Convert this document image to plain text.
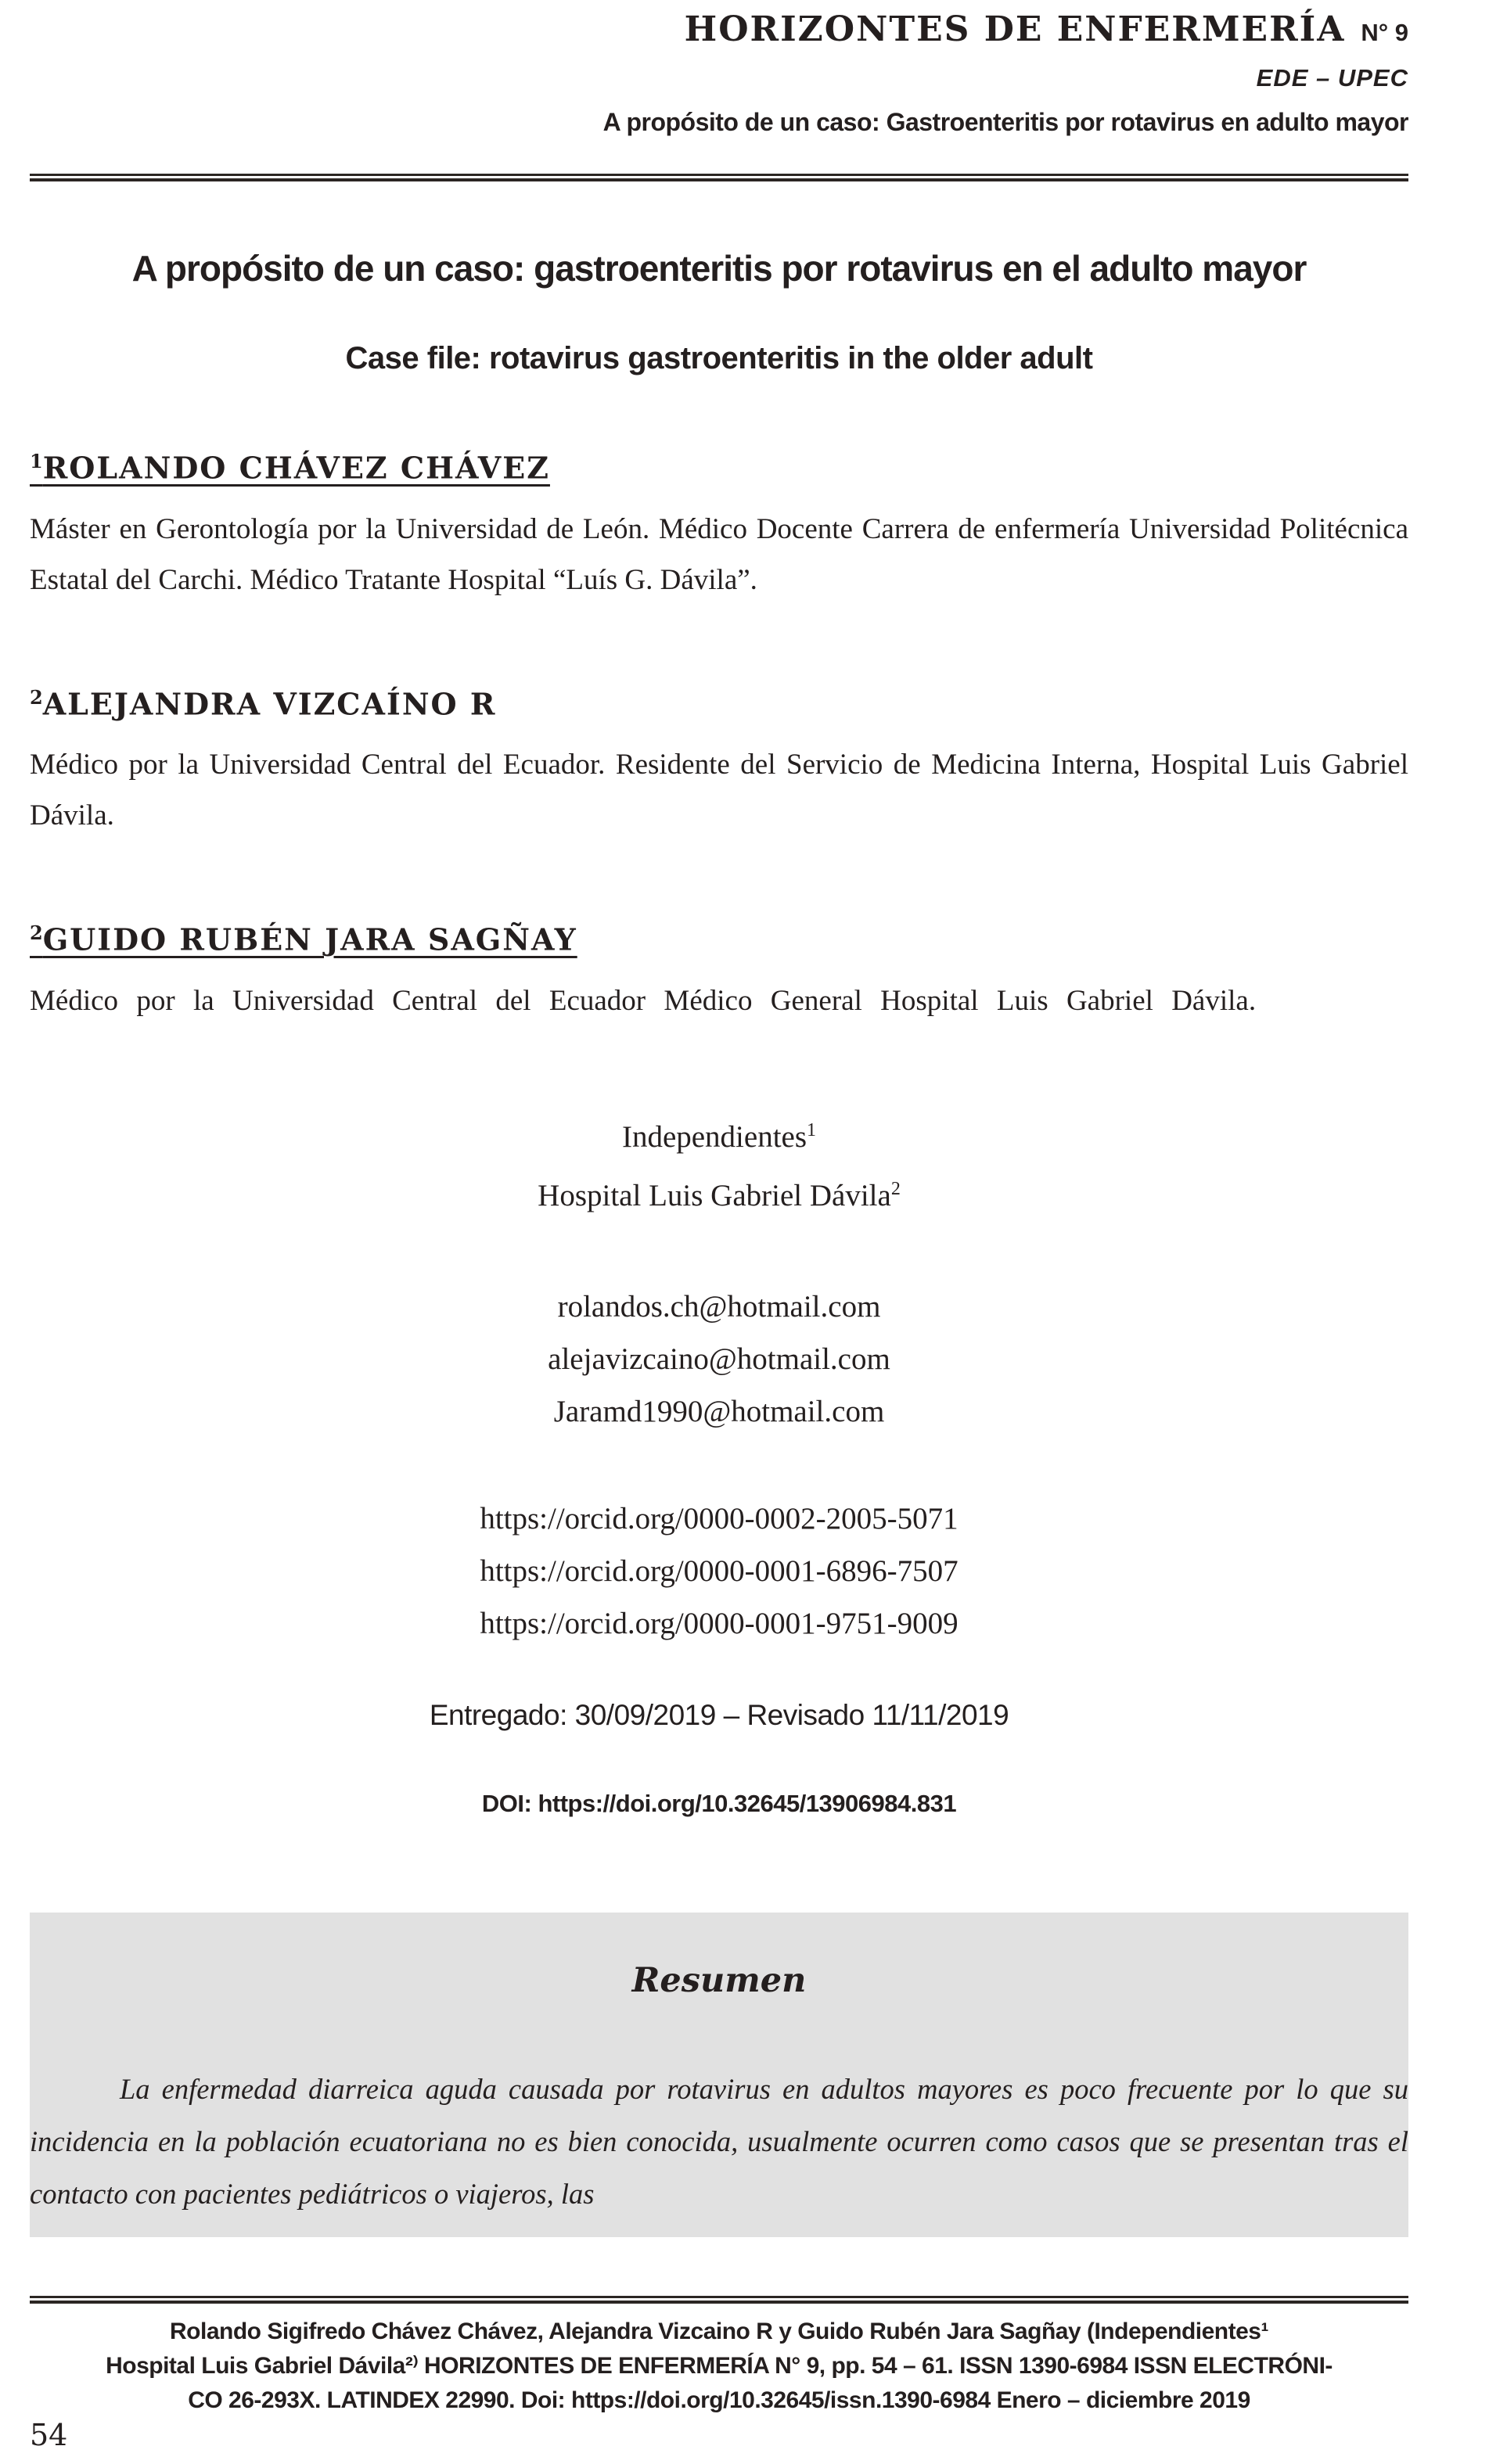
HORIZONTES DE ENFERMERÍA N° 9
EDE – UPEC
A propósito de un caso: Gastroenteritis por rotavirus en adulto mayor
A propósito de un caso: gastroenteritis por rotavirus en el adulto mayor
Case file: rotavirus gastroenteritis in the older adult
$^1$ROLANDO CHÁVEZ CHÁVEZ
Máster en Gerontología por la Universidad de León. Médico Docente Carrera de enfermería Universidad Politécnica Estatal del Carchi. Médico Tratante Hospital “Luís G. Dávila”.
$^2$ALEJANDRA VIZCAÍNO R
Médico por la Universidad Central del Ecuador. Residente del Servicio de Medicina Interna, Hospital Luis Gabriel Dávila.
$^2$GUIDO RUBÉN JARA SAGÑAY
Médico por la Universidad Central del Ecuador Médico General Hospital Luis Gabriel Dávila.
Independientes$^1$
Hospital Luis Gabriel Dávila$^2$
rolandos.ch@hotmail.com
alejavizcaino@hotmail.com
Jaramd1990@hotmail.com
https://orcid.org/0000-0002-2005-5071
https://orcid.org/0000-0001-6896-7507
https://orcid.org/0000-0001-9751-9009
Entregado: 30/09/2019 – Revisado 11/11/2019
DOI: https://doi.org/10.32645/13906984.831
Resumen
La enfermedad diarreica aguda causada por rotavirus en adultos mayores es poco frecuente por lo que su incidencia en la población ecuatoriana no es bien conocida, usualmente ocurren como casos que se presentan tras el contacto con pacientes pediátricos o viajeros, las
Rolando Sigifredo Chávez Chávez, Alejandra Vizcaino R y Guido Rubén Jara Sagñay (Independientes¹
Hospital Luis Gabriel Dávila²⁾ HORIZONTES DE ENFERMERÍA N° 9, pp. 54 – 61. ISSN 1390-6984 ISSN ELECTRÓNI-
CO 26-293X. LATINDEX 22990. Doi: https://doi.org/10.32645/issn.1390-6984 Enero – diciembre 2019
54
